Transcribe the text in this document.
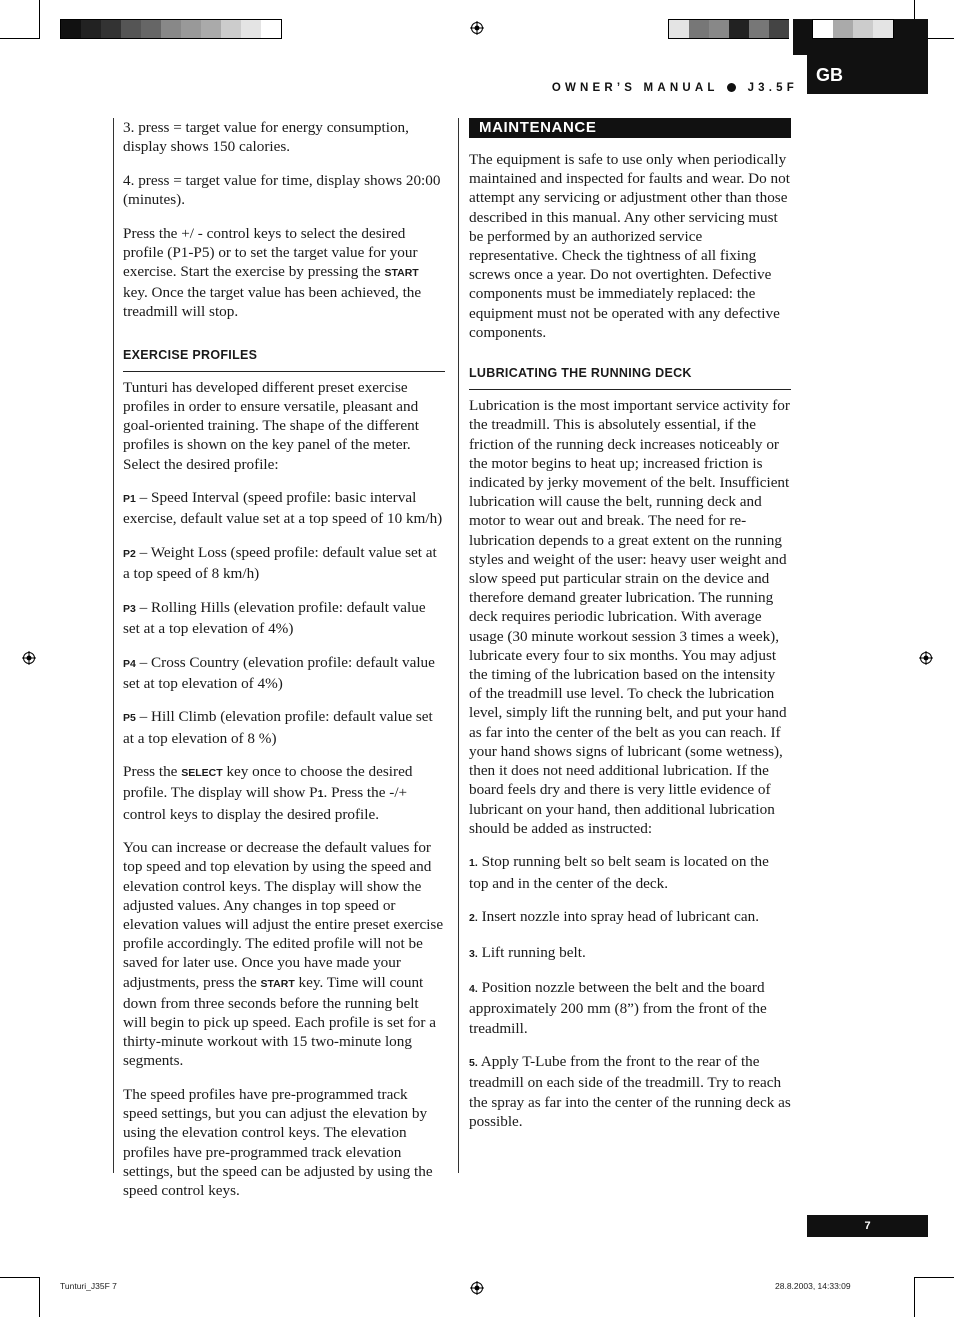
OWNER’S MANUAL	J3.5F
GB

3. press = target value for energy consumption, display shows 150 calories.

4. press = target value for time, display shows 20:00 (minutes).

Press the +/ - control keys to select the desired profile (P1-P5) or to set the target value for your exercise. Start the exercise by pressing the START key. Once the target value has been achieved, the treadmill will stop.

EXERCISE PROFILES

Tunturi has developed different preset exercise profiles in order to ensure versatile, pleasant and goal-oriented training. The shape of the different profiles is shown on the key panel of the meter. Select the desired profile:

P1 – Speed Interval (speed profile: basic interval exercise, default value set at a top speed of 10 km/h)

P2 – Weight Loss (speed profile: default value set at a top speed of 8 km/h)

P3 – Rolling Hills (elevation profile: default value set at a top elevation of 4%)

P4 – Cross Country (elevation profile: default value set at top elevation of 4%)

P5 – Hill Climb (elevation profile: default value set at a top elevation of 8 %)

Press the SELECT key once to choose the desired profile. The display will show P1. Press the -/+ control keys to display the desired profile.

You can increase or decrease the default values for top speed and top elevation by using the speed and elevation control keys. The display will show the adjusted values. Any changes in top speed or elevation values will adjust the entire preset exercise profile accordingly. The edited profile will not be saved for later use. Once you have made your adjustments, press the START key. Time will count down from three seconds before the running belt will begin to pick up speed. Each profile is set for a thirty-minute workout with 15 two-minute long segments.

The speed profiles have pre-programmed track speed settings, but you can adjust the elevation by using the elevation control keys. The elevation profiles have pre-programmed track elevation settings, but the speed can be adjusted by using the speed control keys.

MAINTENANCE

The equipment is safe to use only when periodically maintained and inspected for faults and wear. Do not attempt any servicing or adjustment other than those described in this manual. Any other servicing must be performed by an authorized service representative. Check the tightness of all fixing screws once a year. Do not overtighten. Defective components must be immediately replaced: the equipment must not be operated with any defective components.

LUBRICATING THE RUNNING DECK

Lubrication is the most important service activity for the treadmill. This is absolutely essential, if the friction of the running deck increases noticeably or the motor begins to heat up; increased friction is indicated by jerky movement of the belt. Insufficient lubrication will cause the belt, running deck and motor to wear out and break. The need for re-lubrication depends to a great extent on the running styles and weight of the user: heavy user weight and slow speed put particular strain on the device and therefore demand greater lubrication. The running deck requires periodic lubrication. With average usage (30 minute workout session 3 times a week), lubricate every four to six months. You may adjust the timing of the lubrication based on the intensity of the treadmill use level. To check the lubrication level, simply lift the running belt, and put your hand as far into the center of the belt as you can reach. If your hand shows signs of lubricant (some wetness), then it does not need additional lubrication. If the board feels dry and there is very little evidence of lubricant on your hand, then additional lubrication should be added as instructed:

1. Stop running belt so belt seam is located on the top and in the center of the deck.

2. Insert nozzle into spray head of lubricant can.

3. Lift running belt.

4. Position nozzle between the belt and the board approximately 200 mm (8”) from the front of the treadmill.

5. Apply T-Lube from the front to the rear of the treadmill on each side of the treadmill. Try to reach the spray as far into the center of the running deck as possible.

7
Tunturi_J35F 7	28.8.2003, 14:33:09
